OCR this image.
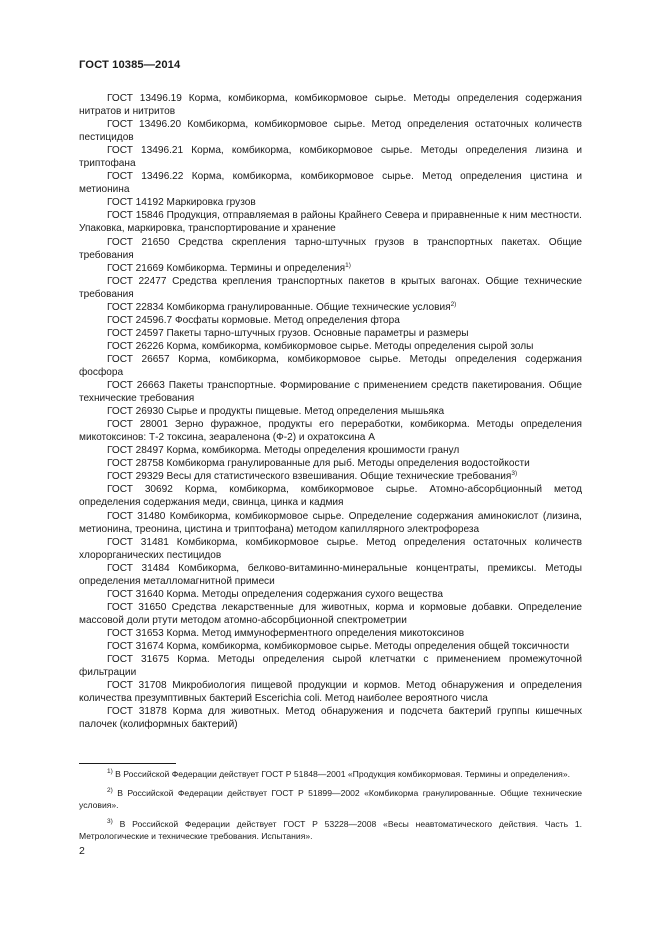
ГОСТ 10385—2014

ГОСТ 13496.19 Корма, комбикорма, комбикормовое сырье. Методы определения содержания нитратов и нитритов

ГОСТ 13496.20 Комбикорма, комбикормовое сырье. Метод определения остаточных количеств пестицидов

ГОСТ 13496.21 Корма, комбикорма, комбикормовое сырье. Методы определения лизина и триптофана

ГОСТ 13496.22 Корма, комбикорма, комбикормовое сырье. Метод определения цистина и метионина

ГОСТ 14192 Маркировка грузов

ГОСТ 15846 Продукция, отправляемая в районы Крайнего Севера и приравненные к ним местности. Упаковка, маркировка, транспортирование и хранение

ГОСТ 21650 Средства скрепления тарно-штучных грузов в транспортных пакетах. Общие требования

ГОСТ 21669 Комбикорма. Термины и определения$^{1)}$

ГОСТ 22477 Средства крепления транспортных пакетов в крытых вагонах. Общие технические требования

ГОСТ 22834 Комбикорма гранулированные. Общие технические условия$^{2)}$

ГОСТ 24596.7 Фосфаты кормовые. Метод определения фтора

ГОСТ 24597 Пакеты тарно-штучных грузов. Основные параметры и размеры

ГОСТ 26226 Корма, комбикорма, комбикормовое сырье. Методы определения сырой золы

ГОСТ 26657 Корма, комбикорма, комбикормовое сырье. Методы определения содержания фосфора

ГОСТ 26663 Пакеты транспортные. Формирование с применением средств пакетирования. Общие технические требования

ГОСТ 26930 Сырье и продукты пищевые. Метод определения мышьяка

ГОСТ 28001 Зерно фуражное, продукты его переработки, комбикорма. Методы определения микотоксинов: Т-2 токсина, зеараленона (Ф-2) и охратоксина А

ГОСТ 28497 Корма, комбикорма. Методы определения крошимости гранул

ГОСТ 28758 Комбикорма гранулированные для рыб. Методы определения водостойкости

ГОСТ 29329 Весы для статистического взвешивания. Общие технические требования$^{3)}$

ГОСТ 30692 Корма, комбикорма, комбикормовое сырье. Атомно-абсорбционный метод определения содержания меди, свинца, цинка и кадмия

ГОСТ 31480 Комбикорма, комбикормовое сырье. Определение содержания аминокислот (лизина, метионина, треонина, цистина и триптофана) методом капиллярного электрофореза

ГОСТ 31481 Комбикорма, комбикормовое сырье. Метод определения остаточных количеств хлорорганических пестицидов

ГОСТ 31484 Комбикорма, белково-витаминно-минеральные концентраты, премиксы. Методы определения металломагнитной примеси

ГОСТ 31640 Корма. Методы определения содержания сухого вещества

ГОСТ 31650 Средства лекарственные для животных, корма и кормовые добавки. Определение массовой доли ртути методом атомно-абсорбционной спектрометрии

ГОСТ 31653 Корма. Метод иммуноферментного определения микотоксинов

ГОСТ 31674 Корма, комбикорма, комбикормовое сырье. Методы определения общей токсичности

ГОСТ 31675 Корма. Методы определения сырой клетчатки с применением промежуточной фильтрации

ГОСТ 31708 Микробиология пищевой продукции и кормов. Метод обнаружения и определения количества презумптивных бактерий Escerichia coli. Метод наиболее вероятного числа

ГОСТ 31878 Корма для животных. Метод обнаружения и подсчета бактерий группы кишечных палочек (колиформных бактерий)

$^{1)}$ В Российской Федерации действует ГОСТ Р 51848—2001 «Продукция комбикормовая. Термины и определения».

$^{2)}$ В Российской Федерации действует ГОСТ Р 51899—2002 «Комбикорма гранулированные. Общие технические условия».

$^{3)}$ В Российской Федерации действует ГОСТ Р 53228—2008 «Весы неавтоматического действия. Часть 1. Метрологические и технические требования. Испытания».

2
